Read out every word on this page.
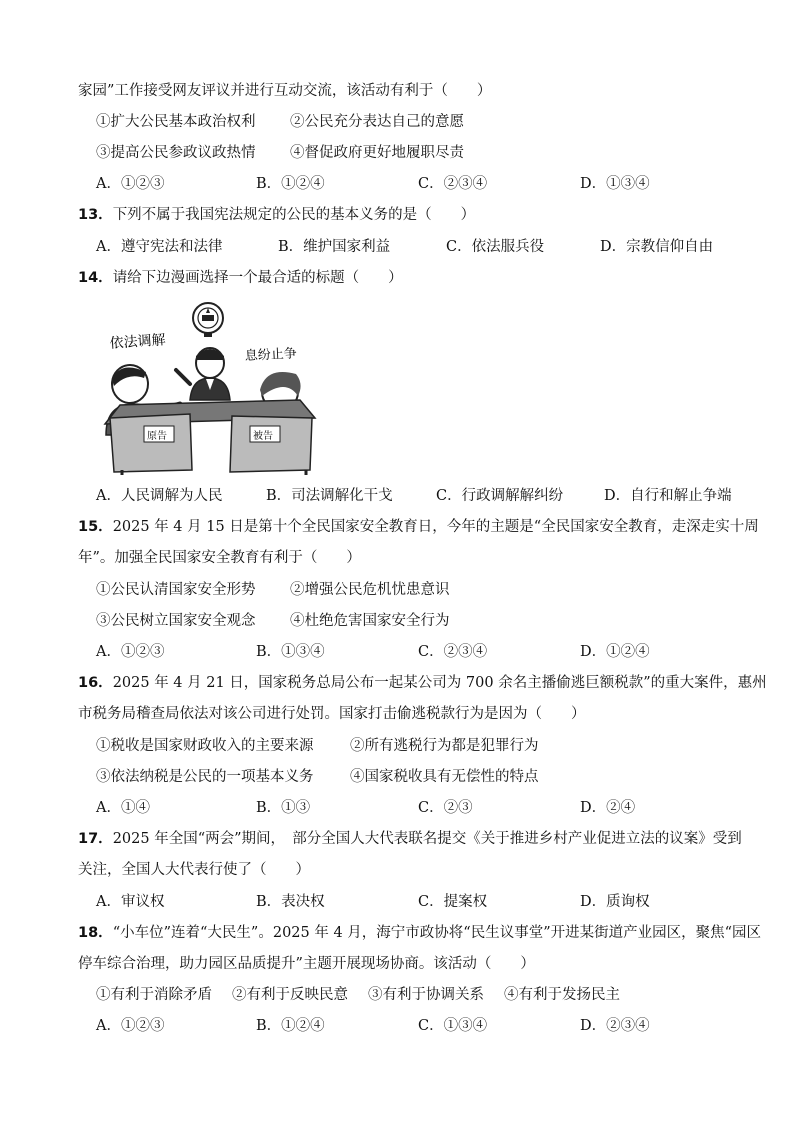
家园”工作接受网友评议并进行互动交流，该活动有利于（　　）
①扩大公民基本政治权利 ②公民充分表达自己的意愿
③提高公民参政议政热情 ④督促政府更好地履职尽责
A．①②③	B．①②④	C．②③④	D．①③④
13．下列不属于我国宪法规定的公民的基本义务的是（　　）
A．遵守宪法和法律	B．维护国家利益	C．依法服兵役	D．宗教信仰自由
14．请给下边漫画选择一个最合适的标题（　　）
依法调解
息纷止争
原告	被告
A．人民调解为人民	B．司法调解化干戈	C．行政调解解纠纷	D．自行和解止争端
15．2025 年 4 月 15 日是第十个全民国家安全教育日，今年的主题是“全民国家安全教育，走深走实十周
年”。加强全民国家安全教育有利于（　　）
①公民认清国家安全形势 ②增强公民危机忧患意识
③公民树立国家安全观念 ④杜绝危害国家安全行为
A．①②③	B．①③④	C．②③④	D．①②④
16．2025 年 4 月 21 日，国家税务总局公布一起某公司为 700 余名主播偷逃巨额税款”的重大案件，惠州
市税务局稽查局依法对该公司进行处罚。国家打击偷逃税款行为是因为（　　）
①税收是国家财政收入的主要来源	②所有逃税行为都是犯罪行为
③依法纳税是公民的一项基本义务	④国家税收具有无偿性的特点
A．①④	B．①③	C．②③	D．②④
17．2025 年全国“两会”期间，　部分全国人大代表联名提交《关于推进乡村产业促进立法的议案》受到
关注，全国人大代表行使了（　　）
A．审议权	B．表决权	C．提案权	D．质询权
18．“小车位”连着“大民生”。2025 年 4 月，海宁市政协将“民生议事堂”开进某街道产业园区，聚焦“园区
停车综合治理，助力园区品质提升”主题开展现场协商。该活动（　　）
①有利于消除矛盾 ②有利于反映民意 ③有利于协调关系 ④有利于发扬民主
A．①②③	B．①②④	C．①③④	D．②③④
